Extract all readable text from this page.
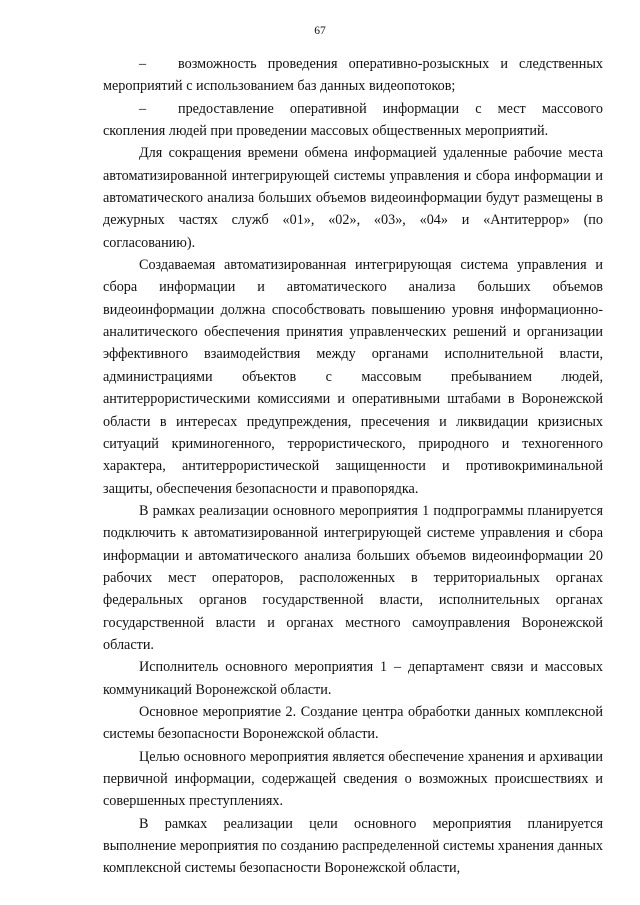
67

– возможность проведения оперативно-розыскных и следственных мероприятий с использованием баз данных видеопотоков;

– предоставление оперативной информации с мест массового скопления людей при проведении массовых общественных мероприятий.

Для сокращения времени обмена информацией удаленные рабочие места автоматизированной интегрирующей системы управления и сбора информации и автоматического анализа больших объемов видеоинформации будут размещены в дежурных частях служб «01», «02», «03», «04» и «Антитеррор» (по согласованию).

Создаваемая автоматизированная интегрирующая система управления и сбора информации и автоматического анализа больших объемов видеоинформации должна способствовать повышению уровня информационно-аналитического обеспечения принятия управленческих решений и организации эффективного взаимодействия между органами исполнительной власти, администрациями объектов с массовым пребыванием людей, антитеррористическими комиссиями и оперативными штабами в Воронежской области в интересах предупреждения, пресечения и ликвидации кризисных ситуаций криминогенного, террористического, природного и техногенного характера, антитеррористической защищенности и противокриминальной защиты, обеспечения безопасности и правопорядка.

В рамках реализации основного мероприятия 1 подпрограммы планируется подключить к автоматизированной интегрирующей системе управления и сбора информации и автоматического анализа больших объемов видеоинформации 20 рабочих мест операторов, расположенных в территориальных органах федеральных органов государственной власти, исполнительных органах государственной власти и органах местного самоуправления Воронежской области.

Исполнитель основного мероприятия 1 – департамент связи и массовых коммуникаций Воронежской области.

Основное мероприятие 2. Создание центра обработки данных комплексной системы безопасности Воронежской области.

Целью основного мероприятия является обеспечение хранения и архивации первичной информации, содержащей сведения о возможных происшествиях и совершенных преступлениях.

В рамках реализации цели основного мероприятия планируется выполнение мероприятия по созданию распределенной системы хранения данных комплексной системы безопасности Воронежской области,
